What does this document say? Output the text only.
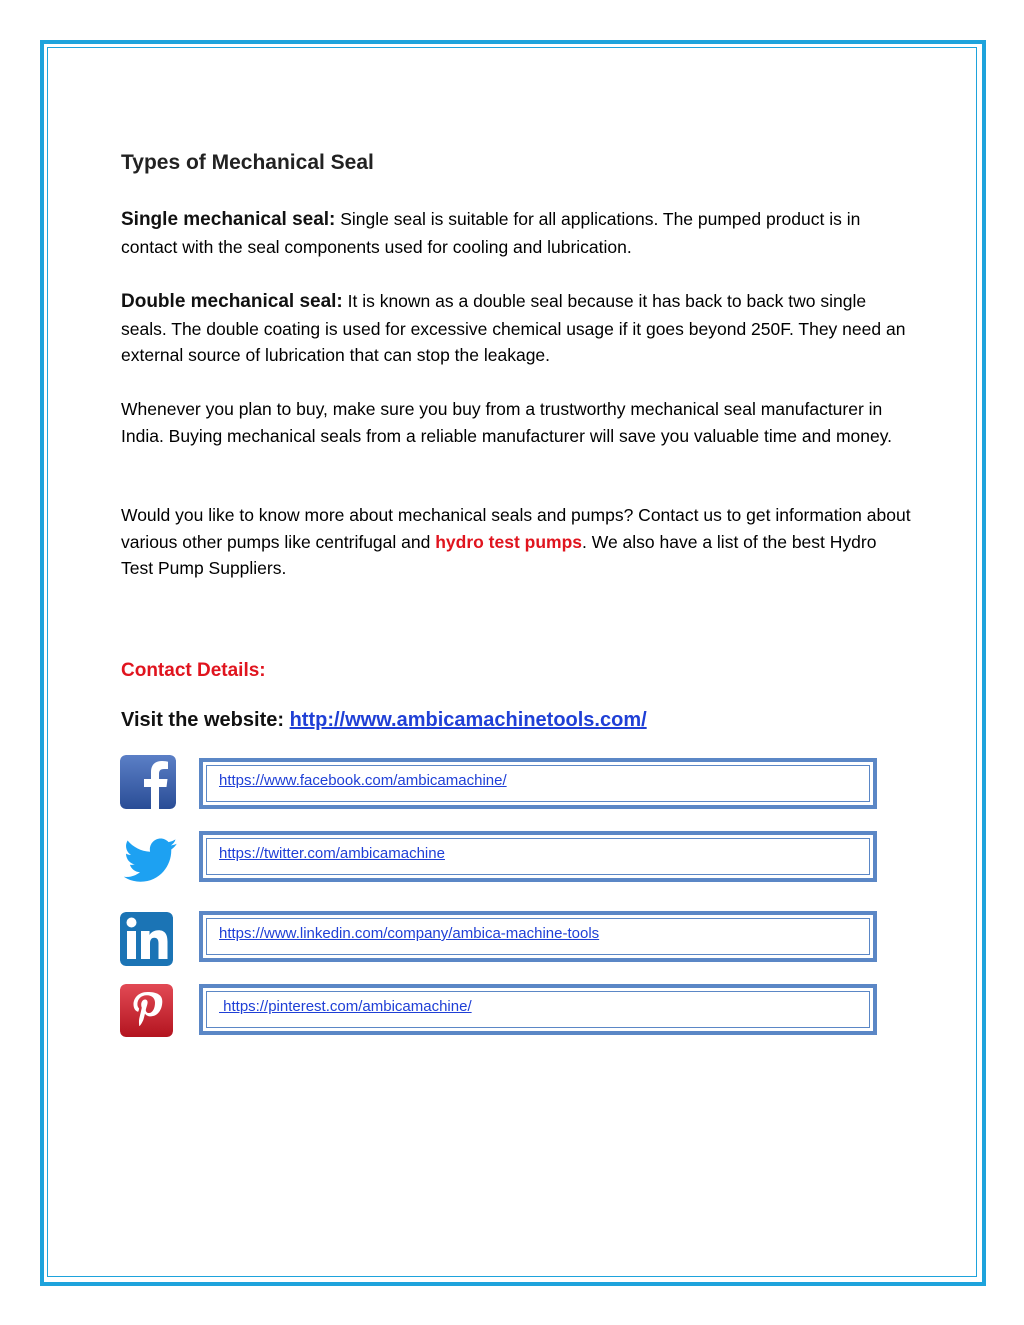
Types of Mechanical Seal

Single mechanical seal: Single seal is suitable for all applications. The pumped product is in contact with the seal components used for cooling and lubrication.

Double mechanical seal: It is known as a double seal because it has back to back two single seals. The double coating is used for excessive chemical usage if it goes beyond 250F. They need an external source of lubrication that can stop the leakage.

Whenever you plan to buy, make sure you buy from a trustworthy mechanical seal manufacturer in India. Buying mechanical seals from a reliable manufacturer will save you valuable time and money.

Would you like to know more about mechanical seals and pumps? Contact us to get information about various other pumps like centrifugal and hydro test pumps. We also have a list of the best Hydro Test Pump Suppliers.

Contact Details:
Visit the website: http://www.ambicamachinetools.com/
https://www.facebook.com/ambicamachine/
https://twitter.com/ambicamachine
https://www.linkedin.com/company/ambica-machine-tools
https://pinterest.com/ambicamachine/
